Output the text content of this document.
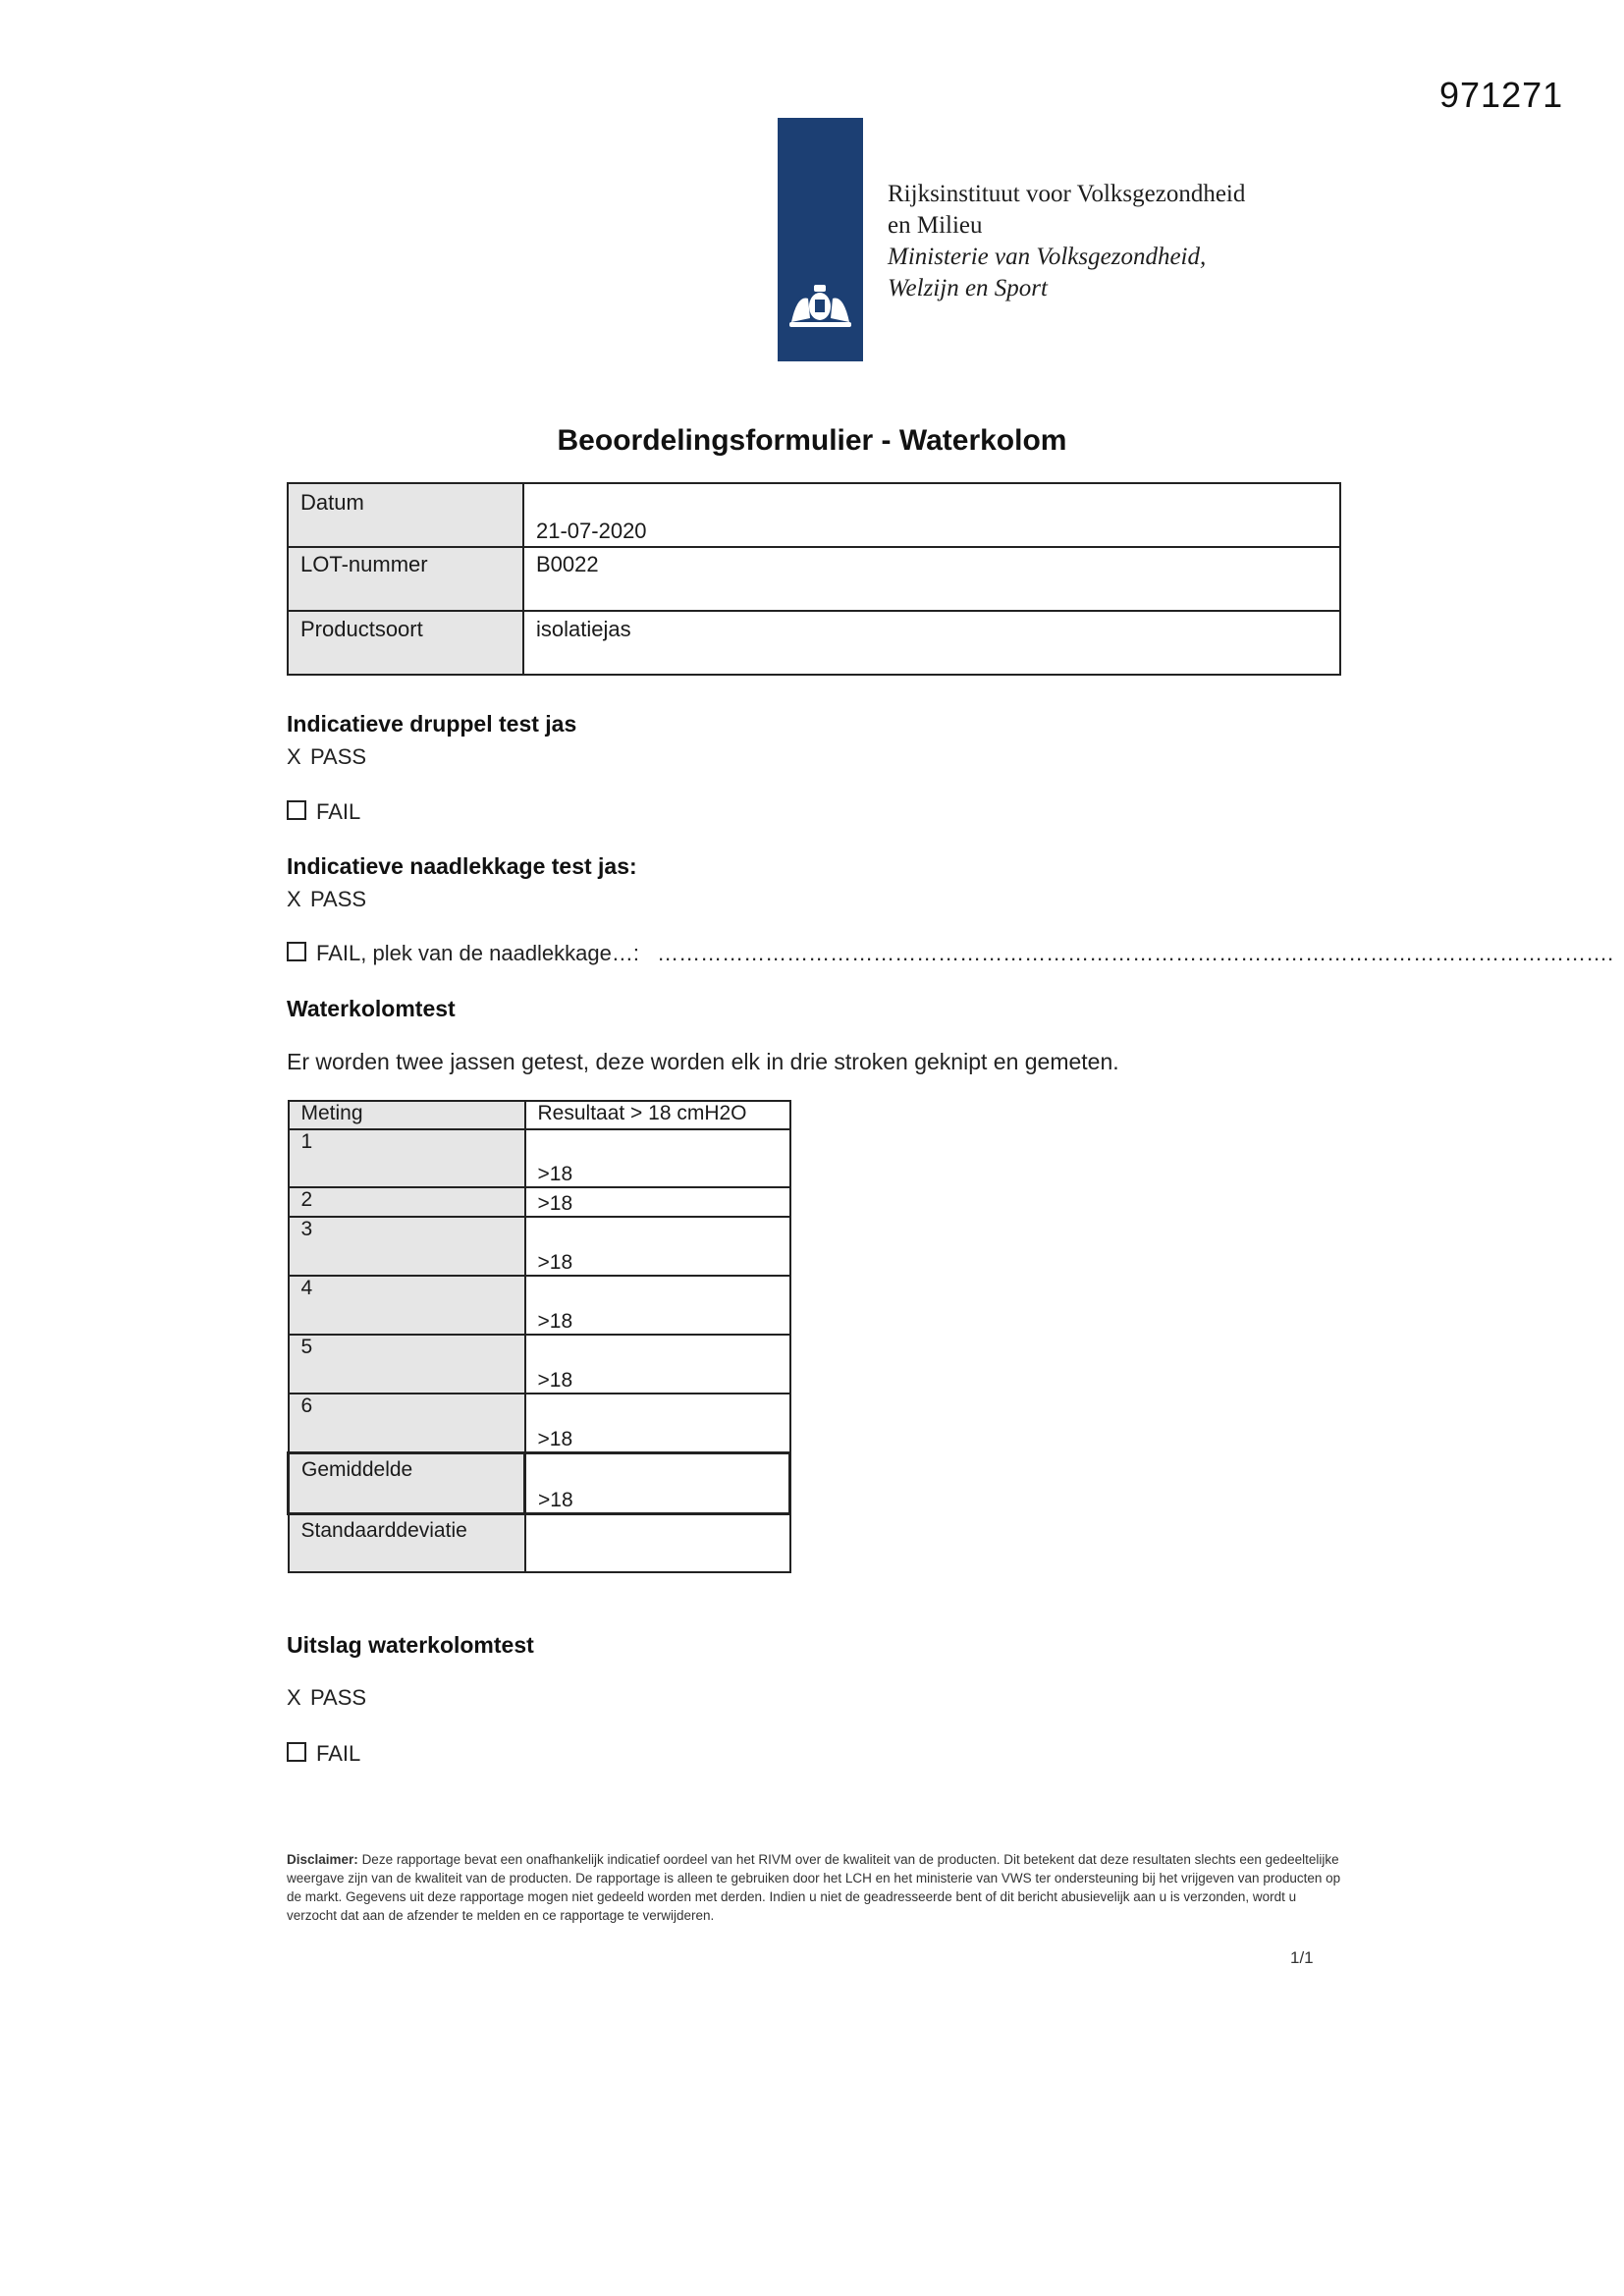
971271
Rijksinstituut voor Volksgezondheid
en Milieu
Ministerie van Volksgezondheid,
Welzijn en Sport
Beoordelingsformulier - Waterkolom
Datum	21-07-2020

LOT-nummer	B0022
Productsoort	isolatiejas
Indicatieve druppel test jas
X PASS
FAIL
Indicatieve naadlekkage test jas:
X PASS
FAIL, plek van de naadlekkage…: …………………………………………………………………………………………………………………….
Waterkolomtest
Er worden twee jassen getest, deze worden elk in drie stroken geknipt en gemeten.
Meting	Resultaat > 18 cmH2O
1	>18

2	>18

3	>18

4	>18

5	>18

6	>18

Gemiddelde	>18

Standaarddeviatie	
Uitslag waterkolomtest
X PASS
FAIL
Disclaimer: Deze rapportage bevat een onafhankelijk indicatief oordeel van het RIVM over de kwaliteit van de producten. Dit betekent dat deze resultaten slechts een gedeeltelijke weergave zijn van de kwaliteit van de producten. De rapportage is alleen te gebruiken door het LCH en het ministerie van VWS ter ondersteuning bij het vrijgeven van producten op de markt. Gegevens uit deze rapportage mogen niet gedeeld worden met derden. Indien u niet de geadresseerde bent of dit bericht abusievelijk aan u is verzonden, wordt u verzocht dat aan de afzender te melden en ce rapportage te verwijderen.
1/1
